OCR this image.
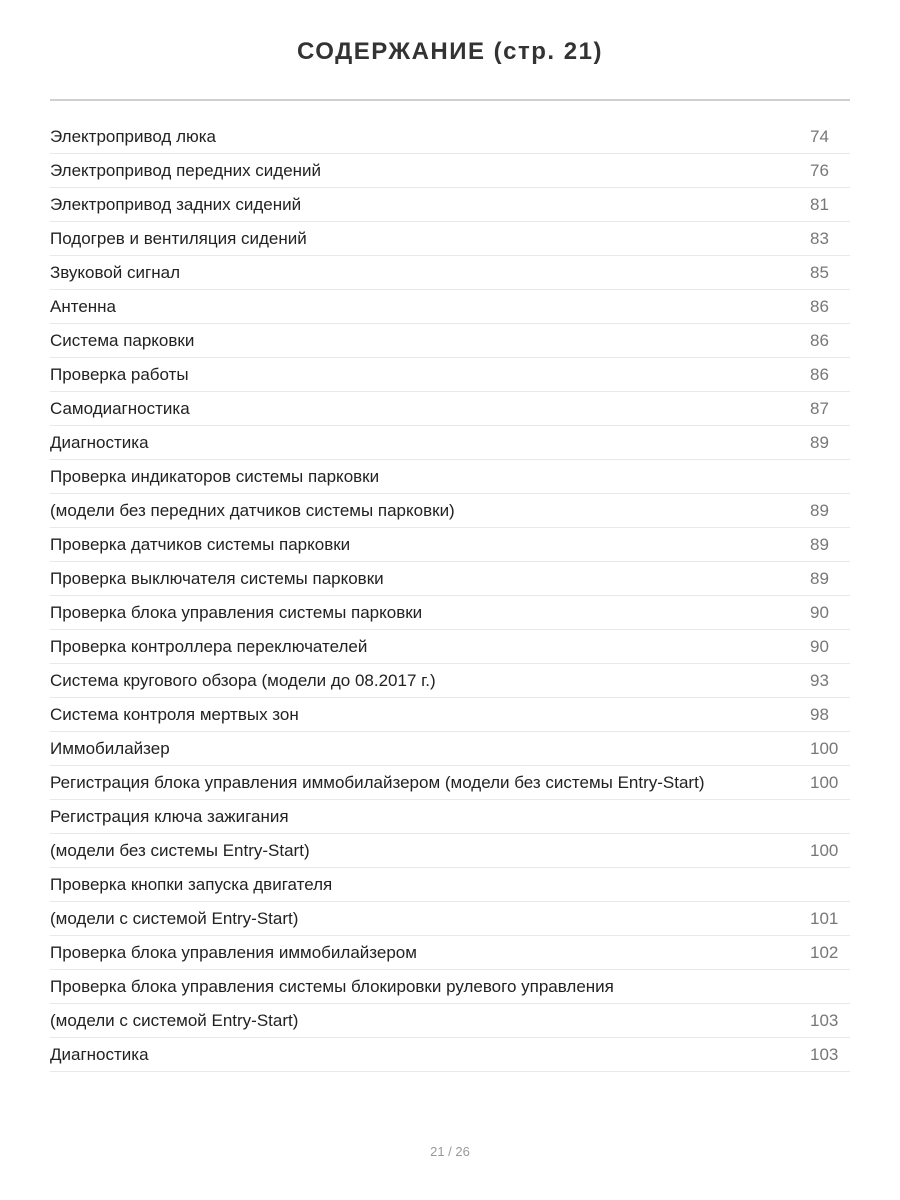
СОДЕРЖАНИЕ (стр. 21)
Электропривод люка	74
Электропривод передних сидений	76
Электропривод задних сидений	81
Подогрев и вентиляция сидений	83
Звуковой сигнал	85
Антенна	86
Система парковки	86
Проверка работы	86
Самодиагностика	87
Диагностика	89
Проверка индикаторов системы парковки
(модели без передних датчиков системы парковки)	89
Проверка датчиков системы парковки	89
Проверка выключателя системы парковки	89
Проверка блока управления системы парковки	90
Проверка контроллера переключателей	90
Система кругового обзора (модели до 08.2017 г.)	93
Система контроля мертвых зон	98
Иммобилайзер	100
Регистрация блока управления иммобилайзером (модели без системы Entry-Start)	100
Регистрация ключа зажигания
(модели без системы Entry-Start)	100
Проверка кнопки запуска двигателя
(модели с системой Entry-Start)	101
Проверка блока управления иммобилайзером	102
Проверка блока управления системы блокировки рулевого управления
(модели с системой Entry-Start)	103
Диагностика	103
21 / 26
